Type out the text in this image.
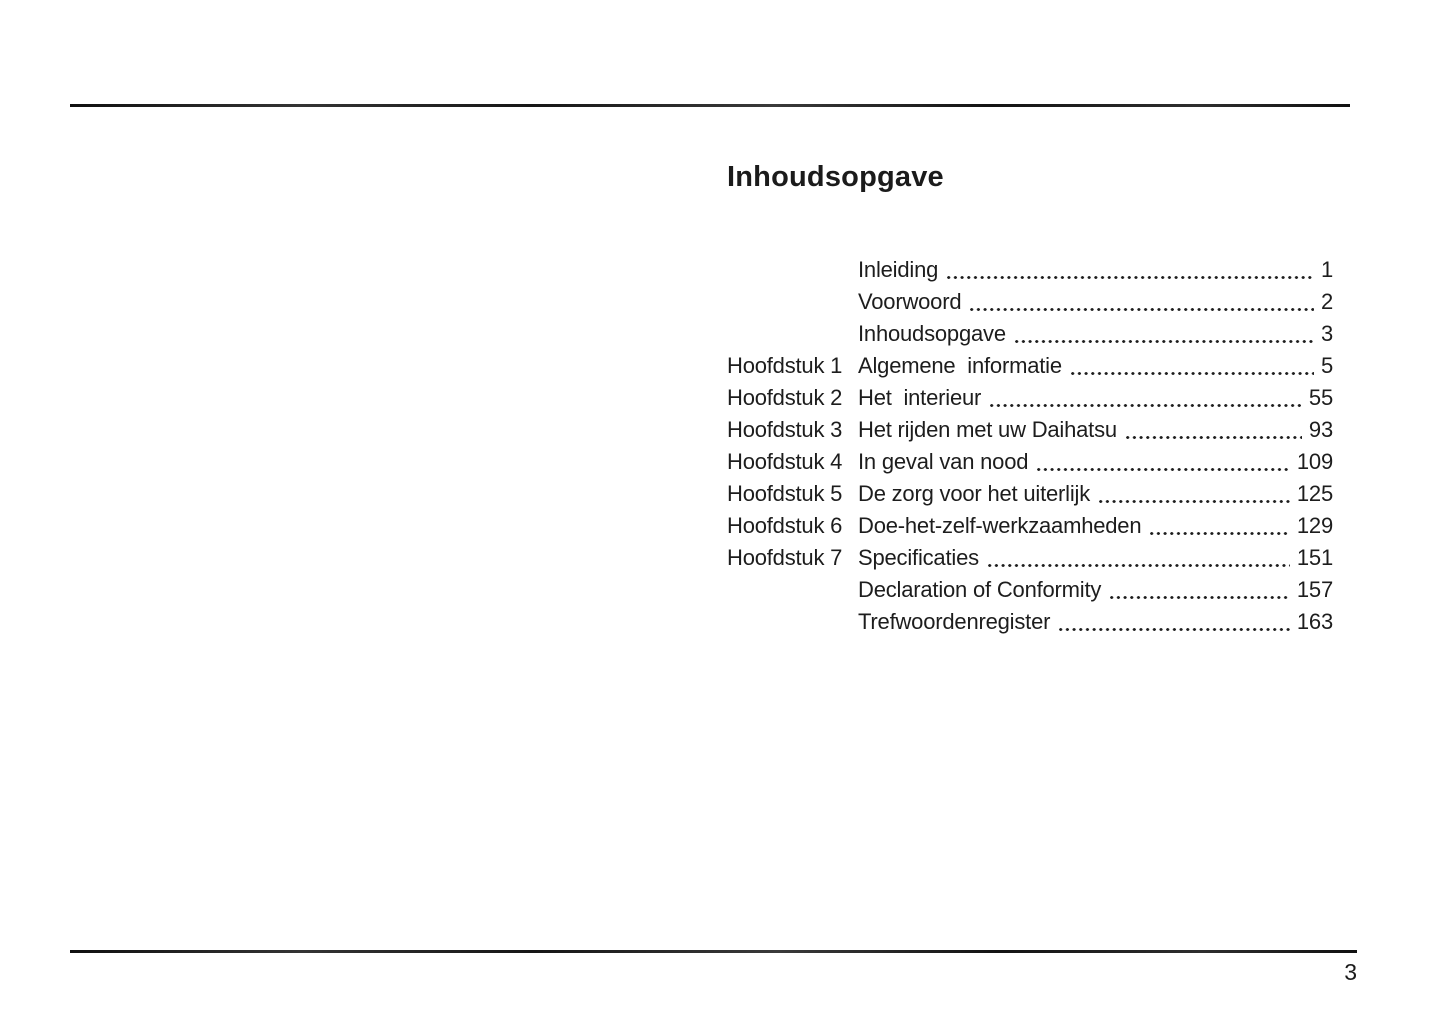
Inhoudsopgave
Inleiding	1
Voorwoord	2
Inhoudsopgave	3
Hoofdstuk 1 Algemene  informatie	5
Hoofdstuk 2 Het  interieur	55
Hoofdstuk 3 Het rijden met uw Daihatsu	93
Hoofdstuk 4 In geval van nood	109
Hoofdstuk 5 De zorg voor het uiterlijk	125
Hoofdstuk 6 Doe-het-zelf-werkzaamheden	129
Hoofdstuk 7 Specificaties	151
Declaration of Conformity	157
Trefwoordenregister	163
3
